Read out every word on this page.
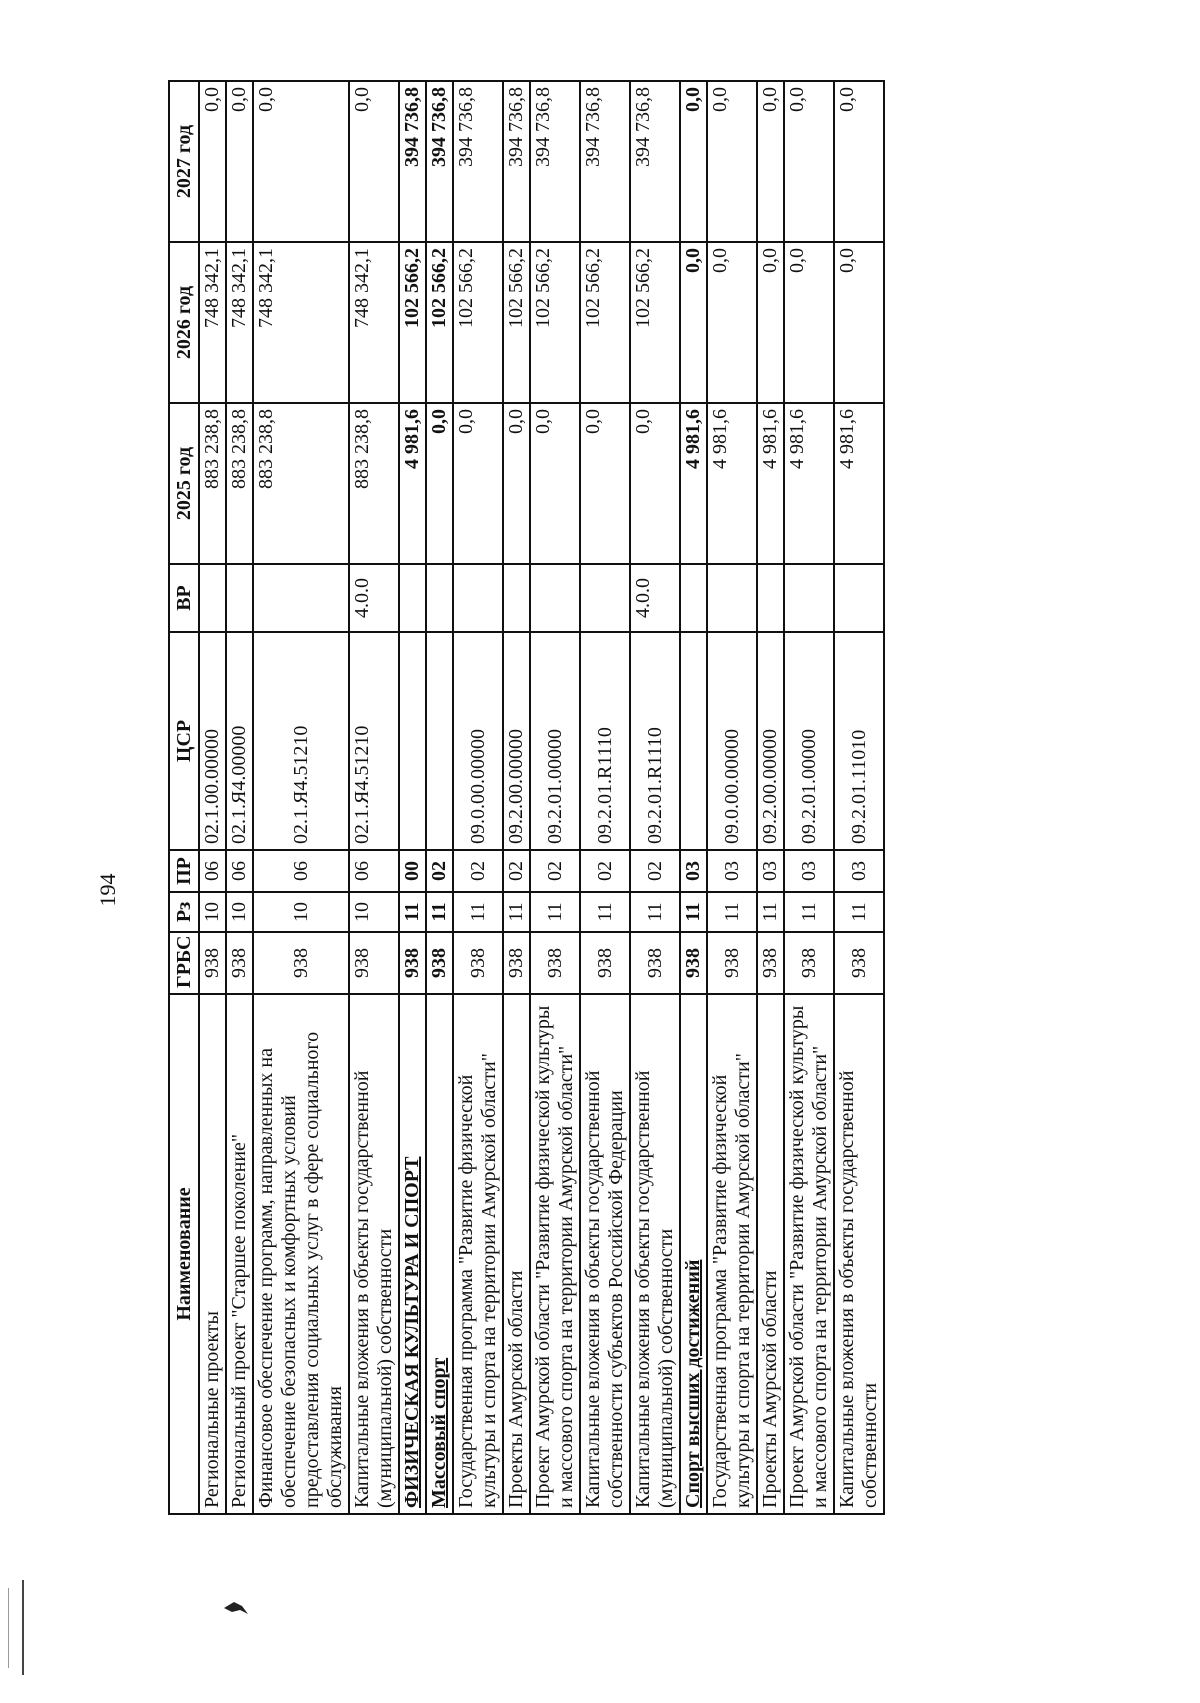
194
Наименование	ГРБС	Рз	ПР	ЦСР	ВР	2025 год	2026 год	2027 год
Региональные проекты	938	10	06	02.1.00.00000		883 238,8	748 342,1	0,0
Региональный проект "Старшее поколение"	938	10	06	02.1.Я4.00000		883 238,8	748 342,1	0,0
Финансовое обеспечение программ, направленных на обеспечение безопасных и комфортных условий предоставления социальных услуг в сфере социального обслуживания	938	10	06	02.1.Я4.51210		883 238,8	748 342,1	0,0
Капитальные вложения в объекты государственной (муниципальной) собственности	938	10	06	02.1.Я4.51210	4.0.0	883 238,8	748 342,1	0,0
ФИЗИЧЕСКАЯ КУЛЬТУРА И СПОРТ	938	11	00			4 981,6	102 566,2	394 736,8
Массовый спорт	938	11	02			0,0	102 566,2	394 736,8
Государственная программа "Развитие физической культуры и спорта на территории Амурской области"	938	11	02	09.0.00.00000		0,0	102 566,2	394 736,8
Проекты Амурской области	938	11	02	09.2.00.00000		0,0	102 566,2	394 736,8
Проект Амурской области "Развитие физической культуры и массового спорта на территории Амурской области"	938	11	02	09.2.01.00000		0,0	102 566,2	394 736,8
Капитальные вложения в объекты государственной собственности субъектов Российской Федерации	938	11	02	09.2.01.R1110		0,0	102 566,2	394 736,8
Капитальные вложения в объекты государственной (муниципальной) собственности	938	11	02	09.2.01.R1110	4.0.0	0,0	102 566,2	394 736,8
Спорт высших достижений	938	11	03			4 981,6	0,0	0,0
Государственная программа "Развитие физической культуры и спорта на территории Амурской области"	938	11	03	09.0.00.00000		4 981,6	0,0	0,0
Проекты Амурской области	938	11	03	09.2.00.00000		4 981,6	0,0	0,0
Проект Амурской области "Развитие физической культуры и массового спорта на территории Амурской области"	938	11	03	09.2.01.00000		4 981,6	0,0	0,0
Капитальные вложения в объекты государственной собственности	938	11	03	09.2.01.11010		4 981,6	0,0	0,0
